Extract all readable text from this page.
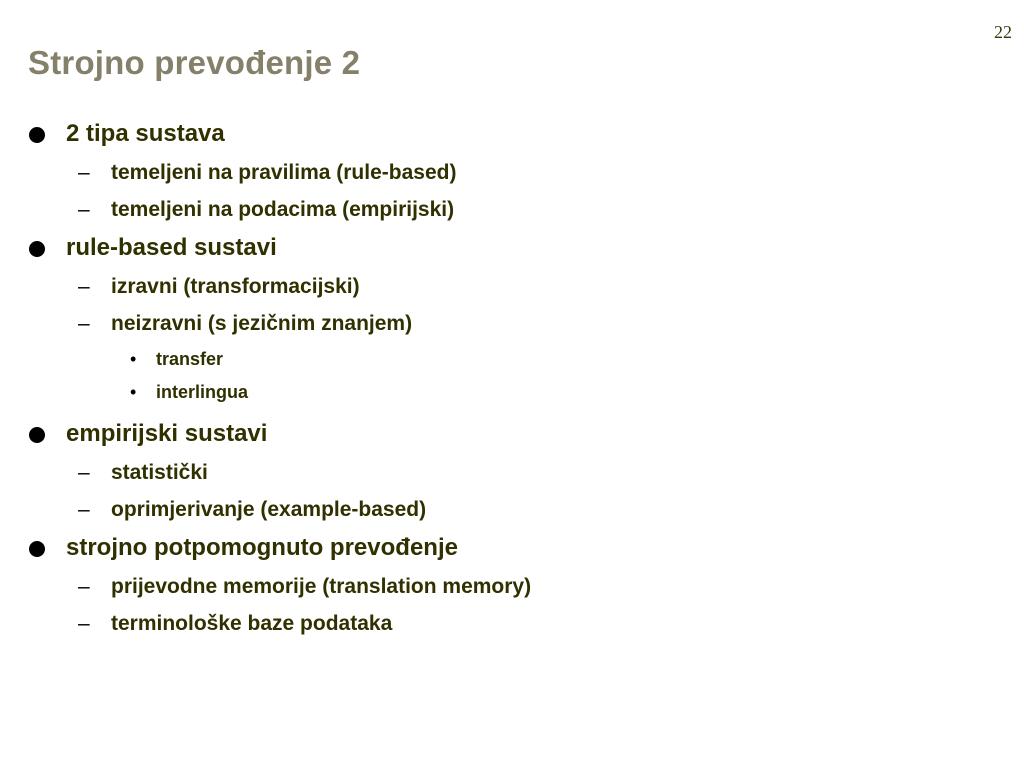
22
Strojno prevođenje 2
2 tipa sustava
– temeljeni na pravilima (rule-based)
– temeljeni na podacima (empirijski)
rule-based sustavi
– izravni (transformacijski)
– neizravni (s jezičnim znanjem)
• transfer
• interlingua
empirijski sustavi
– statistički
– oprimjerivanje (example-based)
strojno potpomognuto prevođenje
– prijevodne memorije (translation memory)
– terminološke baze podataka
